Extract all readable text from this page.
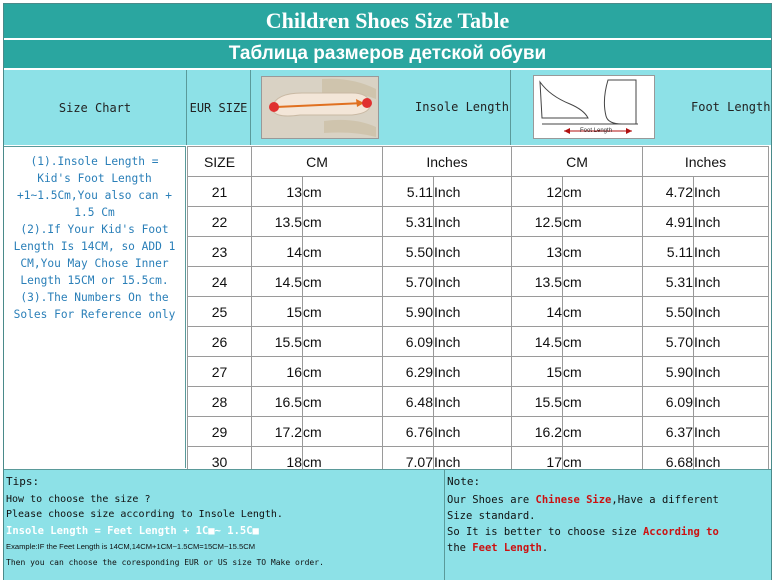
Children Shoes Size Table
Таблица размеров детской обуви
Size Chart	EUR SIZE	Insole Length
Foot Length
Foot Length
(1).Insole Length =
Kid's Foot Length
+1~1.5Cm,You also can +
1.5 Cm
(2).If Your Kid's Foot
Length Is 14CM, so ADD 1
CM,You May Chose Inner
Length 15CM or 15.5cm.
(3).The Numbers On the
Soles For Reference only
SIZE	CM		Inches		CM		Inches	
21	13	cm	5.11	Inch	12	cm	4.72	Inch
22	13.5	cm	5.31	Inch	12.5	cm	4.91	Inch
23	14	cm	5.50	Inch	13	cm	5.11	Inch
24	14.5	cm	5.70	Inch	13.5	cm	5.31	Inch
25	15	cm	5.90	Inch	14	cm	5.50	Inch
26	15.5	cm	6.09	Inch	14.5	cm	5.70	Inch
27	16	cm	6.29	Inch	15	cm	5.90	Inch
28	16.5	cm	6.48	Inch	15.5	cm	6.09	Inch
29	17.2	cm	6.76	Inch	16.2	cm	6.37	Inch
30	18	cm	7.07	Inch	17	cm	6.68	Inch
Tips:
How to choose the size ?
Please choose size according to Insole Length.
Insole Length = Feet Length + 1C■~ 1.5C■
Example:IF the Feet Length is 14CM,14CM+1CM~1.5CM=15CM~15.5CM
Then you can choose the coresponding EUR or US size TO Make order.
Note:
Our Shoes are Chinese Size,Have a different
Size standard.
So It is better to choose size According to
the Feet Length.
